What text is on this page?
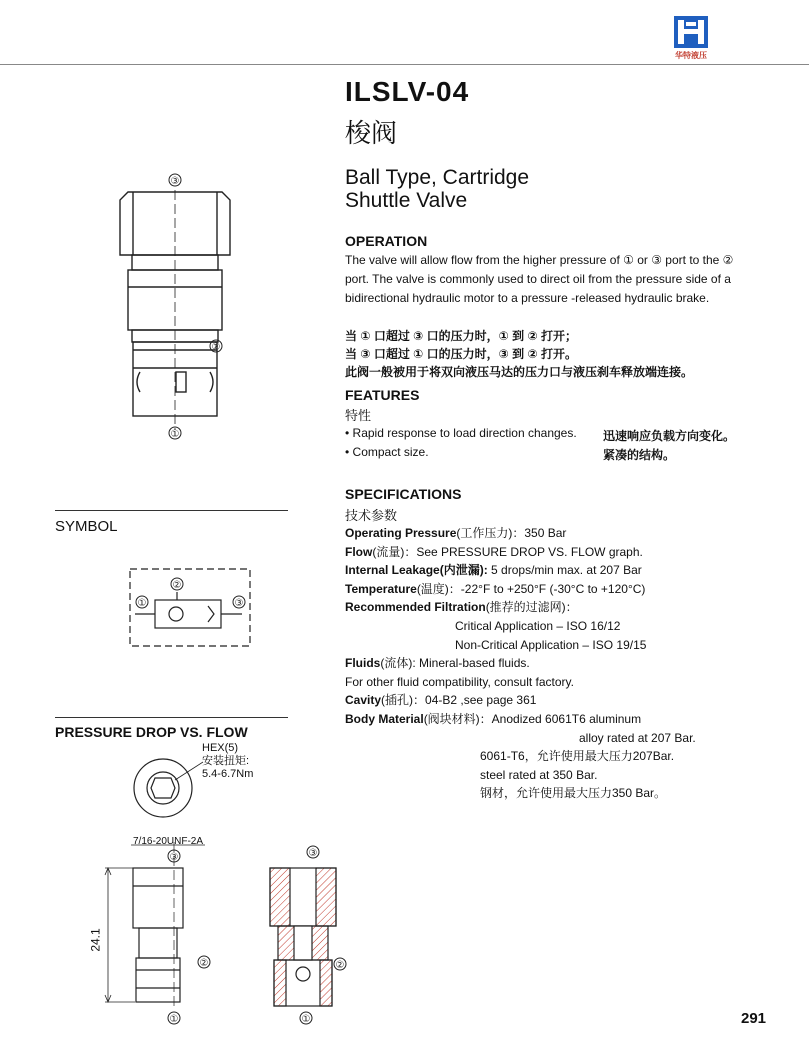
华特液压
ILSLV-04
梭阀
Ball Type, Cartridge
Shuttle Valve
OPERATION
The valve will allow flow from the higher pressure of ① or ③ port to the ② port. The valve is commonly used to direct oil from the pressure side of a bidirectional hydraulic motor to a pressure -released hydraulic brake.
当 ① 口超过 ③ 口的压力时，① 到 ② 打开；
当 ③ 口超过 ① 口的压力时，③ 到 ② 打开。
此阀一般被用于将双向液压马达的压力口与液压刹车释放端连接。
FEATURES
特性
• Rapid response to load direction changes. 迅速响应负载方向变化。
• Compact size.	紧凑的结构。
SPECIFICATIONS
技术参数
Operating Pressure(工作压力)：350 Bar
Flow(流量)：See PRESSURE DROP VS. FLOW graph.
Internal Leakage(内泄漏): 5 drops/min max. at 207 Bar
Temperature(温度)：-22°F to +250°F (-30°C to +120°C)
Recommended Filtration(推荐的过滤网)：
Critical Application – ISO 16/12
Non-Critical Application – ISO 19/15
Fluids(流体): Mineral-based fluids.
For other fluid compatibility, consult factory.
Cavity(插孔)：04-B2 ,see page 361
Body Material(阀块材料)：Anodized 6061T6 aluminum
alloy rated at 207 Bar.
6061-T6，允许使用最大压力207Bar.
steel rated at 350 Bar.
钢材，允许使用最大压力350 Bar。
③
②
①
SYMBOL
②
①	③
PRESSURE DROP VS. FLOW
HEX(5)
安装扭矩:
5.4-6.7Nm
7/16-20UNF-2A
③
②
①
24.1
③
②
①	291
